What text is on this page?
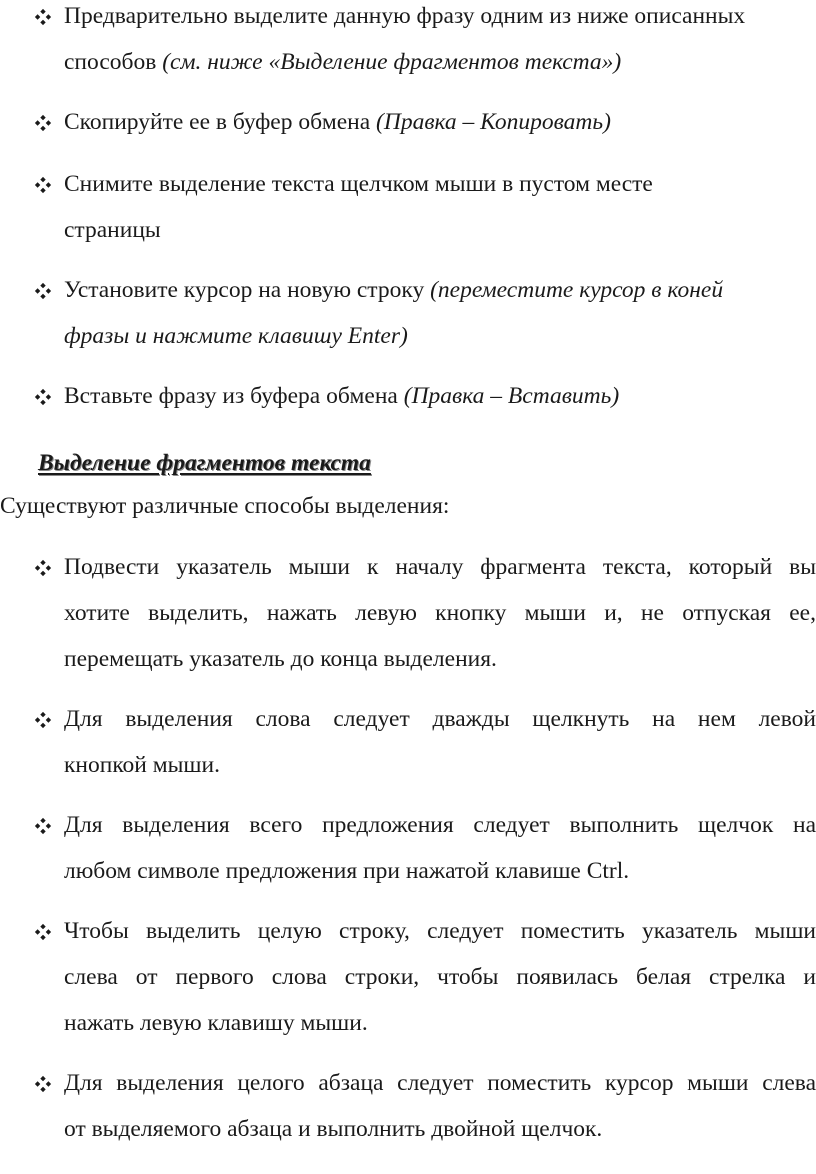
Предварительно выделите данную фразу одним из ниже описанных
способов (см. ниже «Выделение фрагментов текста»)
Скопируйте ее в буфер обмена (Правка – Копировать)
Снимите выделение текста щелчком мыши в пустом месте
страницы
Установите курсор на новую строку (переместите курсор в коней
фразы и нажмите клавишу Enter)
Вставьте фразу из буфера обмена (Правка – Вставить)
Выделение фрагментов текста
Существуют различные способы выделения:
Подвести указатель мыши к началу фрагмента текста, который вы
хотите выделить, нажать левую кнопку мыши и, не отпуская ее,
перемещать указатель до конца выделения.
Для выделения слова следует дважды щелкнуть на нем левой
кнопкой мыши.
Для выделения всего предложения следует выполнить щелчок на
любом символе предложения при нажатой клавише Ctrl.
Чтобы выделить целую строку, следует поместить указатель мыши
слева от первого слова строки, чтобы появилась белая стрелка и
нажать левую клавишу мыши.
Для выделения целого абзаца следует поместить курсор мыши слева
от выделяемого абзаца и выполнить двойной щелчок.
